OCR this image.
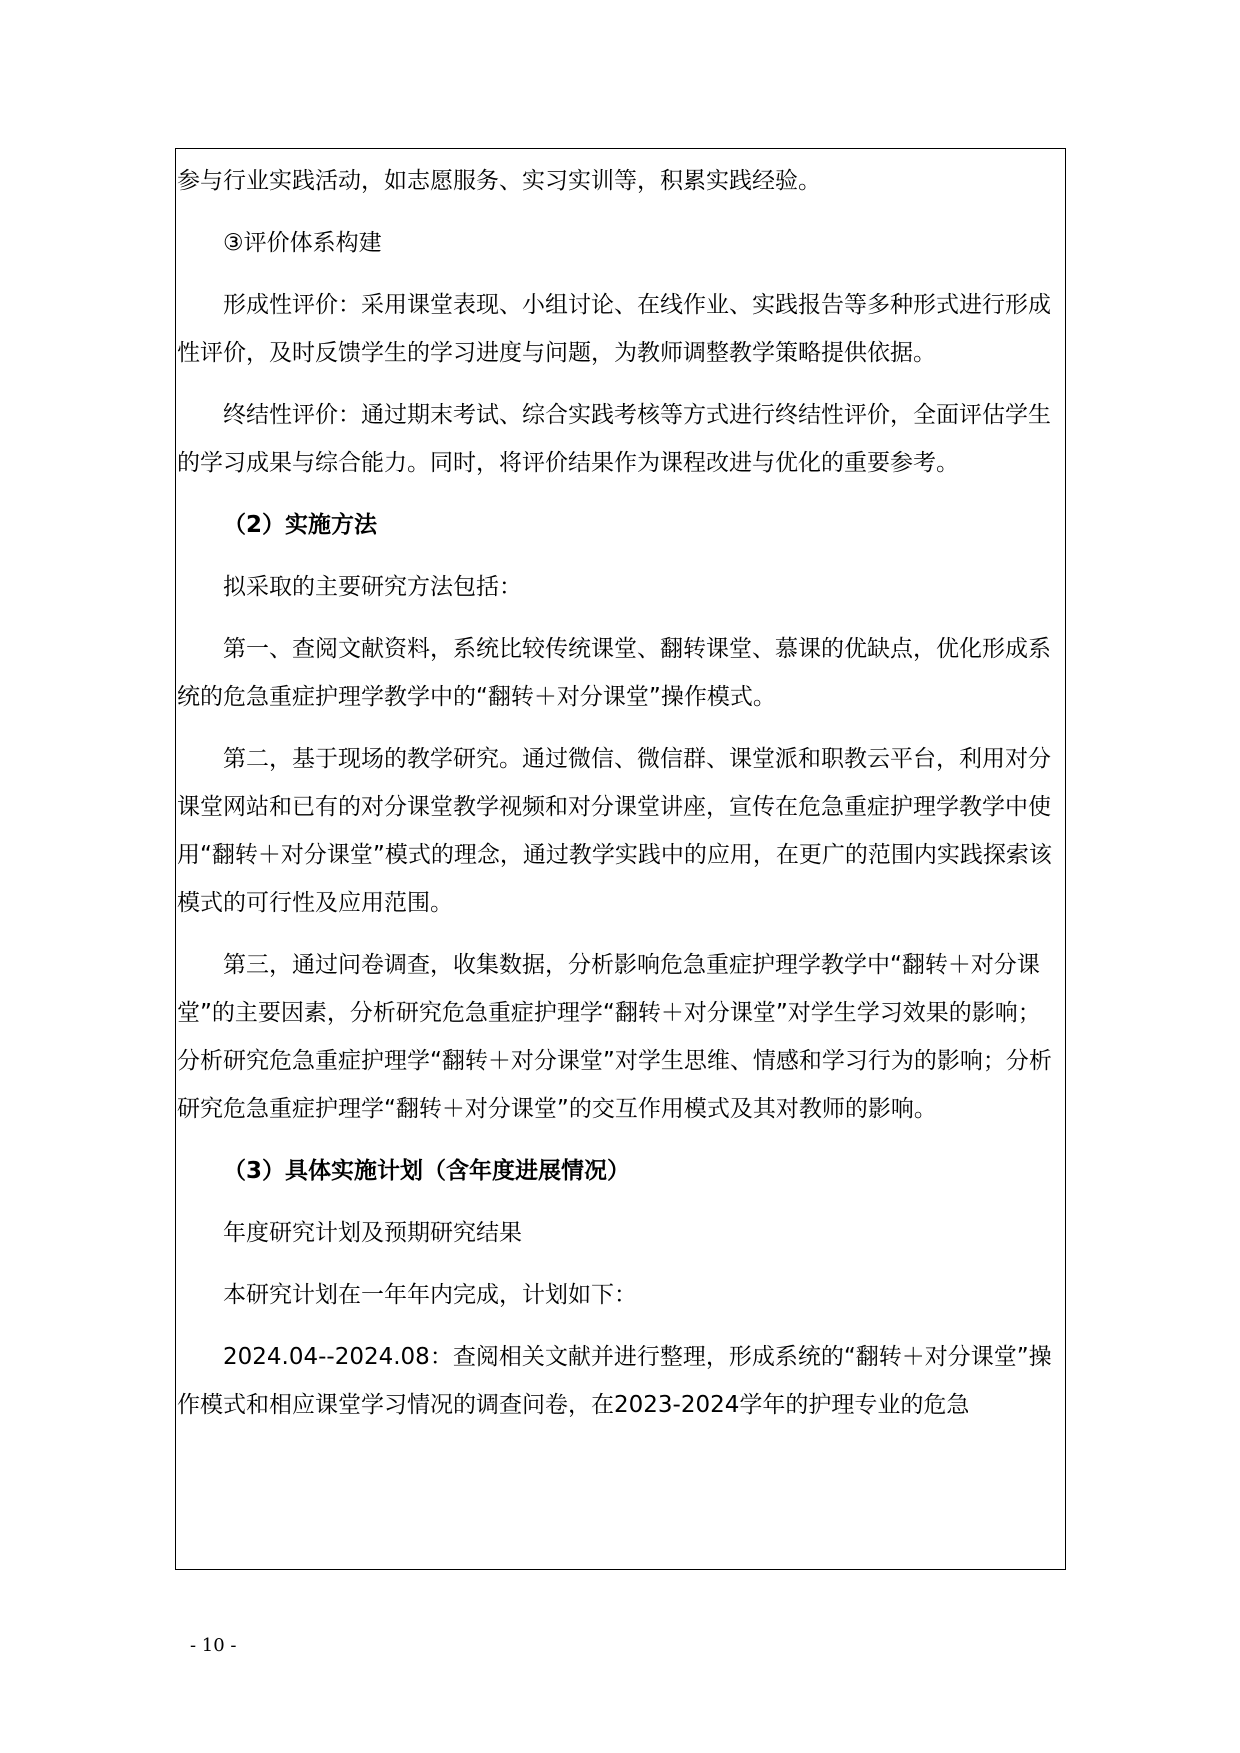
参与行业实践活动，如志愿服务、实习实训等，积累实践经验。

③评价体系构建

形成性评价：采用课堂表现、小组讨论、在线作业、实践报告等多种形式进行形成性评价，及时反馈学生的学习进度与问题，为教师调整教学策略提供依据。

终结性评价：通过期末考试、综合实践考核等方式进行终结性评价，全面评估学生的学习成果与综合能力。同时，将评价结果作为课程改进与优化的重要参考。

（2）实施方法

拟采取的主要研究方法包括：

第一、查阅文献资料，系统比较传统课堂、翻转课堂、慕课的优缺点，优化形成系统的危急重症护理学教学中的“翻转＋对分课堂”操作模式。

第二，基于现场的教学研究。通过微信、微信群、课堂派和职教云平台，利用对分课堂网站和已有的对分课堂教学视频和对分课堂讲座，宣传在危急重症护理学教学中使用“翻转＋对分课堂”模式的理念，通过教学实践中的应用，在更广的范围内实践探索该模式的可行性及应用范围。

第三，通过问卷调查，收集数据，分析影响危急重症护理学教学中“翻转＋对分课堂”的主要因素，分析研究危急重症护理学“翻转＋对分课堂”对学生学习效果的影响；分析研究危急重症护理学“翻转＋对分课堂”对学生思维、情感和学习行为的影响；分析研究危急重症护理学“翻转＋对分课堂”的交互作用模式及其对教师的影响。

（3）具体实施计划（含年度进展情况）

年度研究计划及预期研究结果

本研究计划在一年年内完成，计划如下：

2024.04--2024.08：查阅相关文献并进行整理，形成系统的“翻转＋对分课堂”操作模式和相应课堂学习情况的调查问卷，在2023-2024学年的护理专业的危急

- 10 -
